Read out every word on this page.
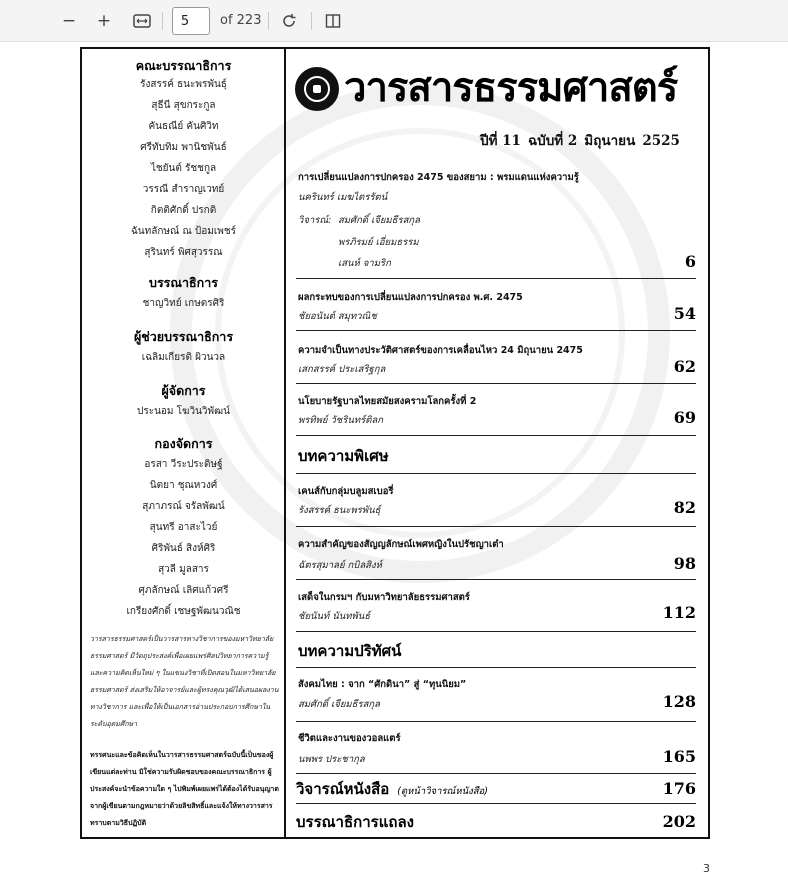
−	+
5	of 223
คณะบรรณาธิการ
รังสรรค์ ธนะพรพันธุ์
สุธีนี สุขกระกูล
คันธณีย์ คันศิวิท
ศรีทับทิม พานิชพันธ์
ไชยันต์ รัชชกูล
วรรณี สำราญเวทย์
กิตติศักดิ์ ปรกติ
ฉันทลักษณ์ ณ ป้อมเพชร์
สุรินทร์ พิศสุวรรณ
บรรณาธิการ
ชาญวิทย์ เกษตรศิริ
ผู้ช่วยบรรณาธิการ
เฉลิมเกียรติ ผิวนวล
ผู้จัดการ
ประนอม โฆวินวิพัฒน์
กองจัดการ
อรสา วีระประดิษฐ์
นิตยา ชุณหวงศ์
สุภาภรณ์ จรัลพัฒน์
สุนทรี อาสะไวย์
ศิริพันธ์ สิงห์ศิริ
สุวลี มูลสาร
ศุภลักษณ์ เลิศแก้วศรี
เกรียงศักดิ์ เชษฐพัฒนวณิช
วารสารธรรมศาสตร์เป็นวารสารทางวิชาการของมหาวิทยาลัยธรรมศาสตร์ มีวัตถุประสงค์เพื่อเผยแพร่ศิลปวิทยาการความรู้และความคิดเห็นใหม่ ๆ ในแขนงวิชาที่เปิดสอนในมหาวิทยาลัยธรรมศาสตร์ ส่งเสริมให้อาจารย์และผู้ทรงคุณวุฒิได้เสนอผลงานทางวิชาการ และเพื่อให้เป็นเอกสารอ่านประกอบการศึกษาในระดับอุดมศึกษา
ทรรศนะและข้อคิดเห็นในวารสารธรรมศาสตร์ฉบับนี้เป็นของผู้เขียนแต่ละท่าน มิใช่ความรับผิดชอบของคณะบรรณาธิการ ผู้ประสงค์จะนำข้อความใด ๆ ไปพิมพ์เผยแพร่ได้ต้องได้รับอนุญาตจากผู้เขียนตามกฎหมายว่าด้วยลิขสิทธิ์และแจ้งให้ทางวารสารทราบตามวิธีปฏิบัติ
วารสารธรรมศาสตร์
ปีที่ 11 ฉบับที่ 2 มิถุนายน 2525
การเปลี่ยนแปลงการปกครอง 2475 ของสยาม : พรมแดนแห่งความรู้
นครินทร์ เมฆไตรรัตน์
วิจารณ์: สมศักดิ์ เจียมธีรสกุล
พรภิรมย์ เอี่ยมธรรม
เสนห์ จามริก	6
ผลกระทบของการเปลี่ยนแปลงการปกครอง พ.ศ. 2475
ชัยอนันต์ สมุทวณิช	54
ความจำเป็นทางประวัติศาสตร์ของการเคลื่อนไหว 24 มิถุนายน 2475
เสกสรรค์ ประเสริฐกุล	62
นโยบายรัฐบาลไทยสมัยสงครามโลกครั้งที่ 2
พรทิพย์ วัชรินทร์ติลก	69
บทความพิเศษ
เคนส์กับกลุ่มบลูมสเบอรี่
รังสรรค์ ธนะพรพันธุ์	82
ความสำคัญของสัญญลักษณ์เพศหญิงในปรัชญาเต๋า
ฉัตรสุมาลย์ กบิลสิงห์	98
เสด็จในกรมฯ กับมหาวิทยาลัยธรรมศาสตร์
ชัยนันท์ นันทพันธ์	112
บทความปริทัศน์
สังคมไทย : จาก “ศักดินา” สู่ “ทุนนิยม”
สมศักดิ์ เจียมธีรสกุล	128
ชีวิตและงานของวอลแตร์
นพพร ประชากุล	165
วิจารณ์หนังสือ (ดูหน้าวิจารณ์หนังสือ)	176
บรรณาธิการแถลง	202
3
